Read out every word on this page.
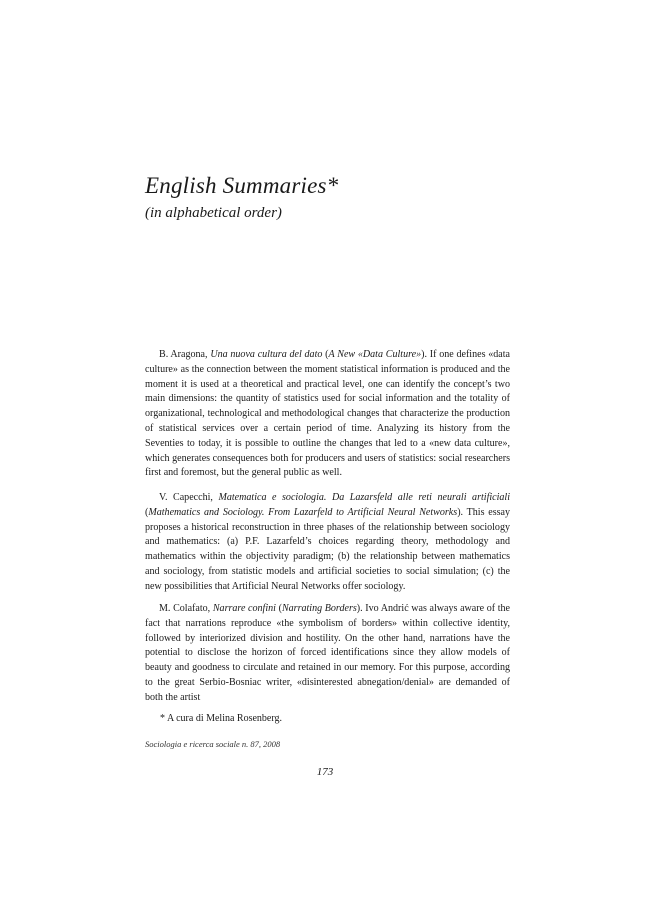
English Summaries*
(in alphabetical order)

B. Aragona, Una nuova cultura del dato (A New «Data Culture»). If one defines «data culture» as the connection between the moment statistical information is produced and the moment it is used at a theoretical and practical level, one can identify the concept’s two main dimensions: the quantity of statistics used for social information and the totality of organizational, technological and methodological changes that characterize the production of statistical services over a certain period of time. Analyzing its history from the Seventies to today, it is possible to outline the changes that led to a «new data culture», which generates consequences both for producers and users of statistics: social researchers first and foremost, but the general public as well.

V. Capecchi, Matematica e sociologia. Da Lazarsfeld alle reti neurali artificiali (Mathematics and Sociology. From Lazarfeld to Artificial Neural Networks). This essay proposes a historical reconstruction in three phases of the relationship between sociology and mathematics: (a) P.F. Lazarfeld’s choices regarding theory, methodology and mathematics within the objectivity paradigm; (b) the relationship between mathematics and sociology, from statistic models and artificial societies to social simulation; (c) the new possibilities that Artificial Neural Networks offer sociology.

M. Colafato, Narrare confini (Narrating Borders). Ivo Andrić was always aware of the fact that narrations reproduce «the symbolism of borders» within collective identity, followed by interiorized division and hostility. On the other hand, narrations have the potential to disclose the horizon of forced identifications since they allow models of beauty and goodness to circulate and retained in our memory. For this purpose, according to the great Serbio-Bosniac writer, «disinterested abnegation/denial» are demanded of both the artist

* A cura di Melina Rosenberg.

Sociologia e ricerca sociale n. 87, 2008

173
